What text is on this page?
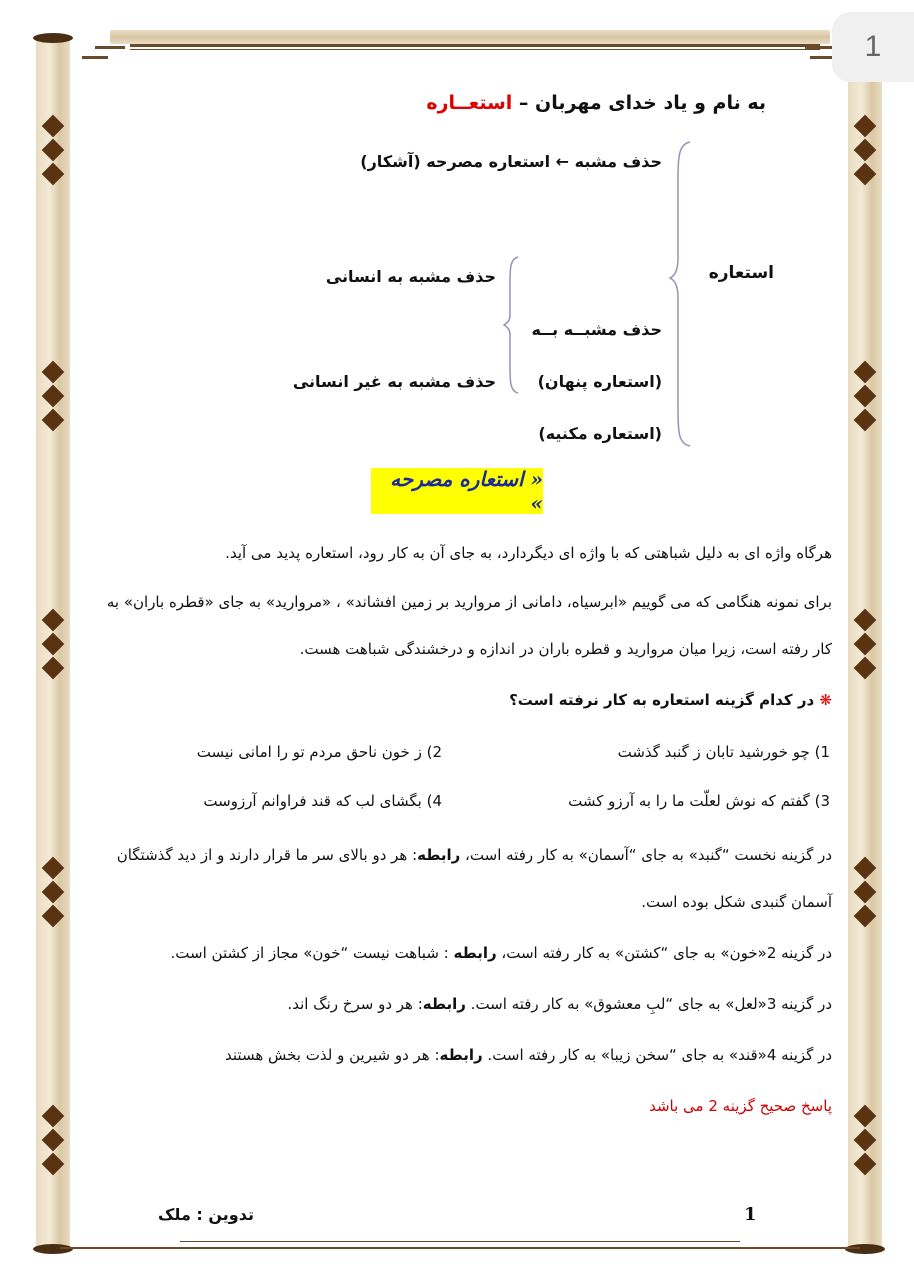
1
به نام و یاد خدای مهربان – استعــاره
استعاره
حذف مشبه ← استعاره مصرحه (آشکار)
حذف مشبــه بــه
(استعاره پنهان)
(استعاره مکنیه)
حذف مشبه به انسانی
حذف مشبه به غیر انسانی
« استعاره مصرحه »
هرگاه واژه ای به دلیل شباهتی که با واژه ای دیگردارد، به جای آن به کار رود، استعاره پدید می آید.
برای نمونه هنگامی که می گوییم «ابرسیاه، دامانی از مروارید بر زمین افشاند» ، «مروارید» به جای «قطره باران» به
کار رفته است، زیرا میان مروارید و قطره باران در اندازه و درخشندگی شباهت هست.
❋ در کدام گزینه استعاره به کار نرفته است؟
1) چو خورشید تابان ز گنبد گذشت
2) ز خون ناحق مردم تو را امانی نیست
3) گفتم که نوش لعلّت ما را به آرزو کشت
4) بگشای لب که قند فراوانم آرزوست
در گزینه نخست “گنبد» به جای “آسمان» به کار رفته است، رابطه: هر دو بالای سر ما قرار دارند و از دید گذشتگان
آسمان گنبدی شکل بوده است.
در گزینه 2«خون» به جای “کشتن» به کار رفته است، رابطه : شباهت نیست “خون» مجاز از کشتن است.
در گزینه 3«لعل» به جای “لبِ معشوق» به کار رفته است. رابطه: هر دو سرخ رنگ اند.
در گزینه 4«قند» به جای “سخن زیبا» به کار رفته است. رابطه: هر دو شیرین و لذت بخش هستند
پاسخ صحیح گزینه 2 می باشد
1
تدوین : ملک
